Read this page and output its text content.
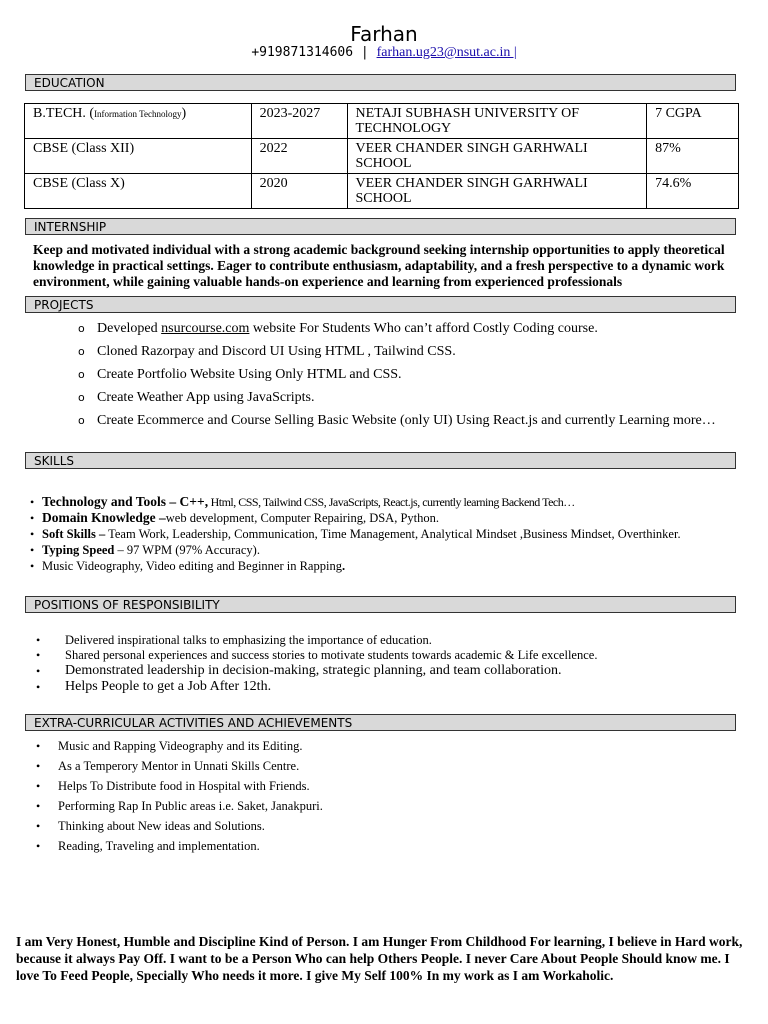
Farhan
+919871314606 | farhan.ug23@nsut.ac.in |
EDUCATION
B.TECH. (Information Technology)	2023-2027	NETAJI SUBHASH UNIVERSITY OF TECHNOLOGY	7 CGPA
CBSE (Class XII)	2022	VEER CHANDER SINGH GARHWALI SCHOOL	87%
CBSE (Class X)	2020	VEER CHANDER SINGH GARHWALI SCHOOL	74.6%
INTERNSHIP
Keep and motivated individual with a strong academic background seeking internship opportunities to apply theoretical knowledge in practical settings. Eager to contribute enthusiasm, adaptability, and a fresh perspective to a dynamic work environment, while gaining valuable hands-on experience and learning from experienced professionals
PROJECTS
o Developed nsurcourse.com website For Students Who can’t afford Costly Coding course.
o Cloned Razorpay and Discord UI Using HTML , Tailwind CSS.
o Create Portfolio Website Using Only HTML and CSS.
o Create Weather App using JavaScripts.
o Create Ecommerce and Course Selling Basic Website (only UI) Using React.js and currently Learning more…
SKILLS
• Technology and Tools – C++, Html, CSS, Tailwind CSS, JavaScripts, React.js, currently learning Backend Tech…
• Domain Knowledge –web development, Computer Repairing, DSA, Python.
• Soft Skills – Team Work, Leadership, Communication, Time Management, Analytical Mindset ,Business Mindset, Overthinker.
• Typing Speed – 97 WPM (97% Accuracy).
• Music Videography, Video editing and Beginner in Rapping.
POSITIONS OF RESPONSIBILITY
• Delivered inspirational talks to emphasizing the importance of education.
• Shared personal experiences and success stories to motivate students towards academic & Life excellence.
• Demonstrated leadership in decision-making, strategic planning, and team collaboration.
• Helps People to get a Job After 12th.
EXTRA-CURRICULAR ACTIVITIES AND ACHIEVEMENTS
• Music and Rapping Videography and its Editing.
• As a Temperory Mentor in Unnati Skills Centre.
• Helps To Distribute food in Hospital with Friends.
• Performing Rap In Public areas i.e. Saket, Janakpuri.
• Thinking about New ideas and Solutions.
• Reading, Traveling and implementation.
I am Very Honest, Humble and Discipline Kind of Person. I am Hunger From Childhood For learning, I believe in Hard work, because it always Pay Off. I want to be a Person Who can help Others People. I never Care About People Should know me. I love To Feed People, Specially Who needs it more. I give My Self 100% In my work as I am Workaholic.
